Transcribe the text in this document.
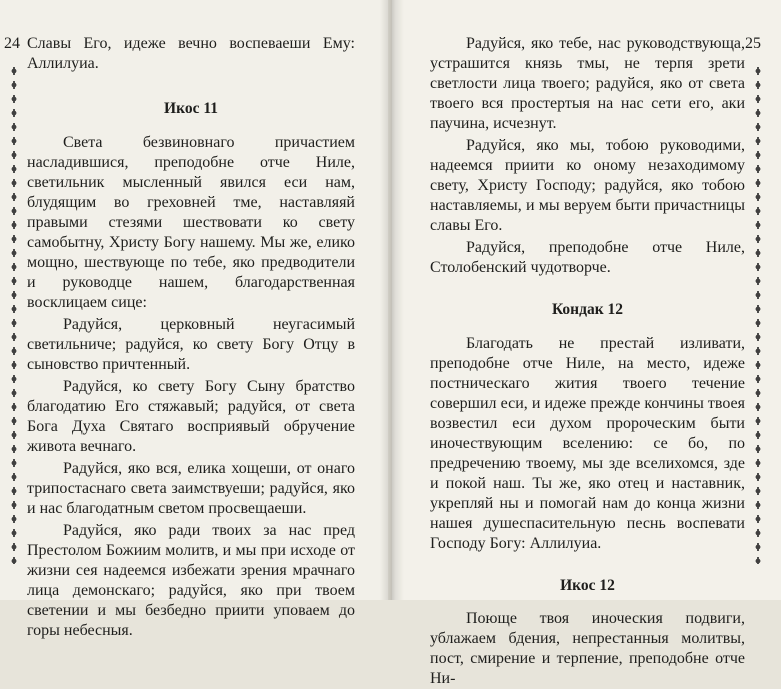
24 Славы Его, идеже вечно воспеваеши Ему:

Аллилуиа.

Икос 11

Света безвиновнаго причастием насладившися, преподобне отче Ниле, светильник мысленный явился еси нам, блудящим во греховней тме, наставляяй правыми стезями шествовати ко свету самобытну, Христу Богу нашему. Мы же, елико мощно, шествующе по тебе, яко предводители и руководце нашем, благодарственная восклицаем сице:

Радуйся, церковный неугасимый светильниче; радуйся, ко свету Богу Отцу в сыновство причтенный.

Радуйся, ко свету Богу Сыну братство благодатию Его стяжавый; радуйся, от света Бога Духа Святаго восприявый обручение живота вечнаго.

Радуйся, яко вся, елика хощеши, от онаго трипостаснаго света заимствуеши; радуйся, яко и нас благодатным светом просвещаеши.

Радуйся, яко ради твоих за нас пред Престолом Божиим молитв, и мы при исходе от жизни сея надеемся избежати зрения мрачнаго лица демонскаго; радуйся, яко при твоем светении и мы безбедно приити уповаем до горы небесныя.

25

Радуйся, яко тебе, нас руководствующа, устрашится князь тмы, не терпя зрети светлости лица твоего; радуйся, яко от света твоего вся простертыя на нас сети его, аки паучина, исчезнут.

Радуйся, яко мы, тобою руководими, надеемся приити ко оному незаходимому свету, Христу Господу; радуйся, яко тобою наставляемы, и мы веруем быти причастницы славы Его.

Радуйся, преподобне отче Ниле, Столобенский чудотворче.

Кондак 12

Благодать не престай изливати, преподобне отче Ниле, на место, идеже постническаго жития твоего течение совершил еси, и идеже прежде кончины твоея возвестил еси духом пророческим быти иночествующим вселению: се бо, по предречению твоему, мы зде вселихомся, зде и покой наш. Ты же, яко отец и наставник, укрепляй ны и помогай нам до конца жизни нашея душеспасительную песнь воспевати Господу Богу: Аллилуиа.

Икос 12

Поюще твоя иноческия подвиги, ублажаем бдения, непрестанныя молитвы, пост, смирение и терпение, преподобне отче Ни-
